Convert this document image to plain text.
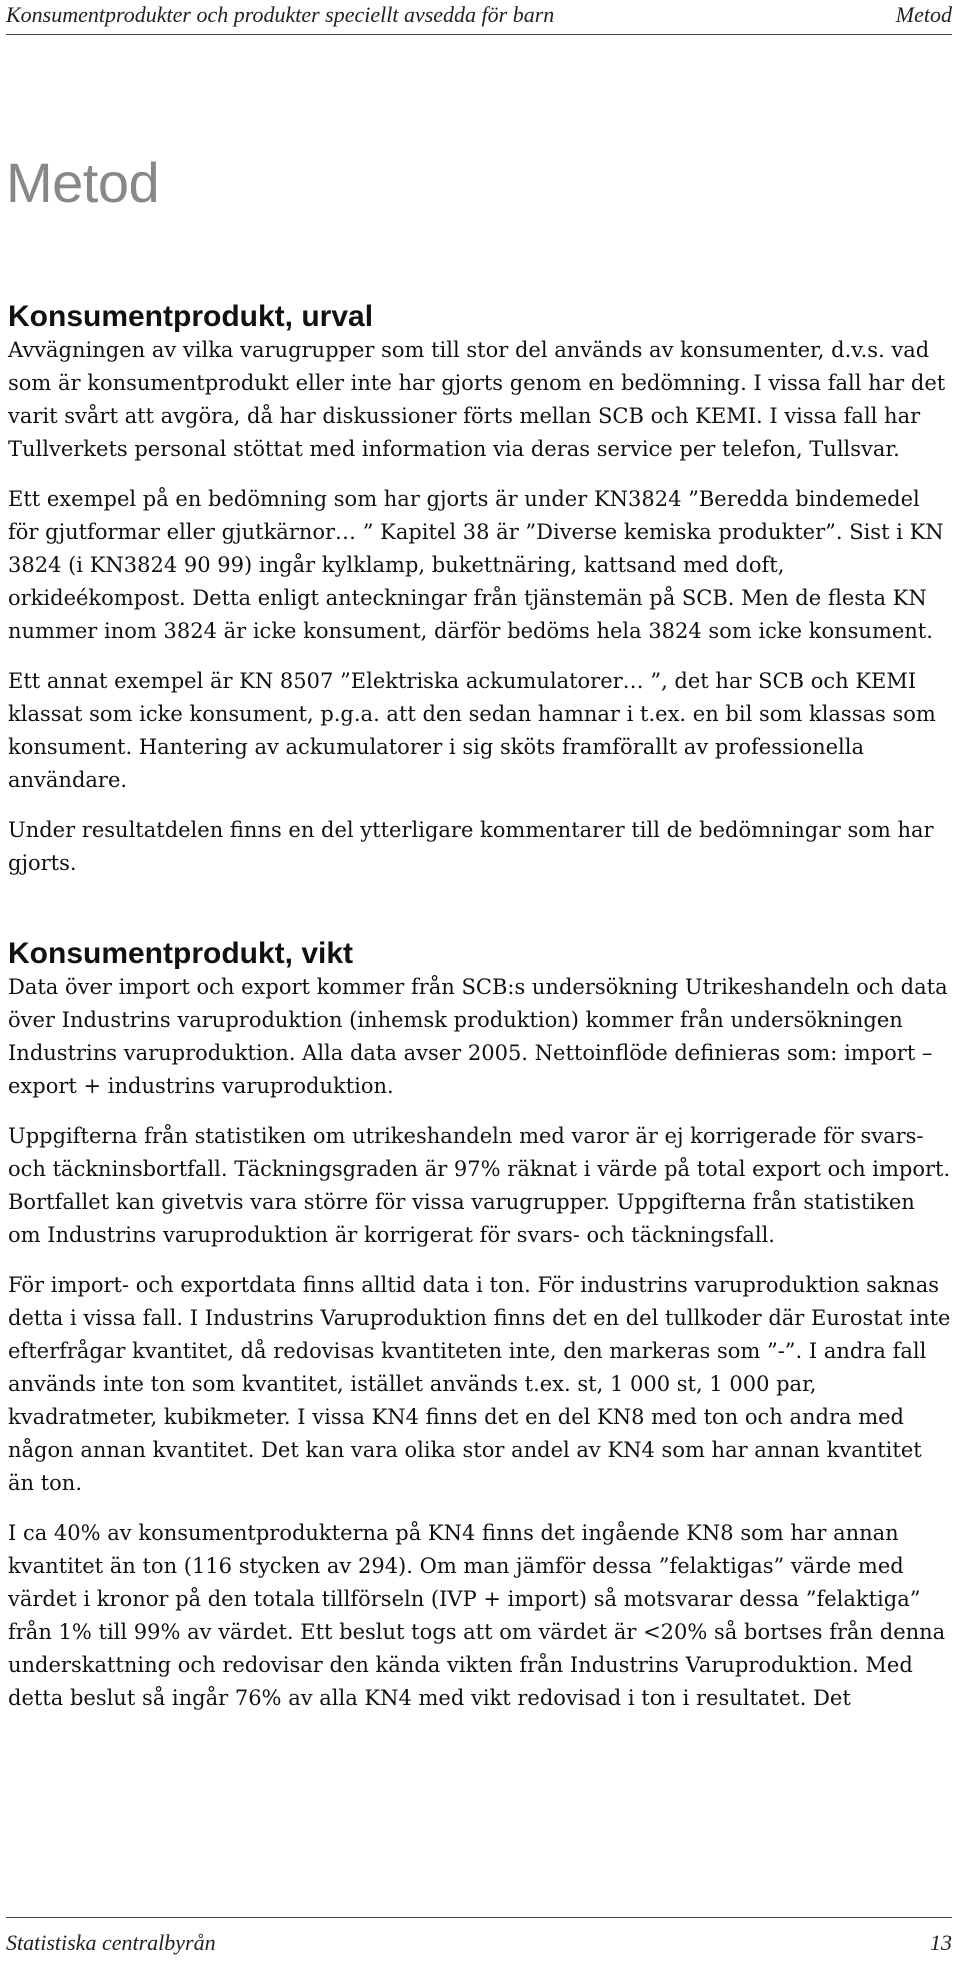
Konsumentprodukter och produkter speciellt avsedda för barn	Metod
Metod
Konsumentprodukt, urval

Avvägningen av vilka varugrupper som till stor del används av konsumenter, d.v.s. vad som är konsumentprodukt eller inte har gjorts genom en bedömning. I vissa fall har det varit svårt att avgöra, då har diskussioner förts mellan SCB och KEMI. I vissa fall har Tullverkets personal stöttat med information via deras service per telefon, Tullsvar.

Ett exempel på en bedömning som har gjorts är under KN3824 ”Beredda bindemedel för gjutformar eller gjutkärnor… ” Kapitel 38 är ”Diverse kemiska produkter”. Sist i KN 3824 (i KN3824 90 99) ingår kylklamp, bukettnäring, kattsand med doft, orkideékompost. Detta enligt anteckningar från tjänstemän på SCB. Men de flesta KN nummer inom 3824 är icke konsument, därför bedöms hela 3824 som icke konsument.

Ett annat exempel är KN 8507 ”Elektriska ackumulatorer… ”, det har SCB och KEMI klassat som icke konsument, p.g.a. att den sedan hamnar i t.ex. en bil som klassas som konsument. Hantering av ackumulatorer i sig sköts framförallt av professionella användare.

Under resultatdelen finns en del ytterligare kommentarer till de bedömningar som har gjorts.

Konsumentprodukt, vikt

Data över import och export kommer från SCB:s undersökning Utrikeshandeln och data över Industrins varuproduktion (inhemsk produktion) kommer från undersökningen Industrins varuproduktion. Alla data avser 2005. Nettoinflöde definieras som: import – export + industrins varuproduktion.

Uppgifterna från statistiken om utrikeshandeln med varor är ej korrigerade för svars- och täckninsbortfall. Täckningsgraden är 97% räknat i värde på total export och import. Bortfallet kan givetvis vara större för vissa varugrupper. Uppgifterna från statistiken om Industrins varuproduktion är korrigerat för svars- och täckningsfall.

För import- och exportdata finns alltid data i ton. För industrins varuproduktion saknas detta i vissa fall. I Industrins Varuproduktion finns det en del tullkoder där Eurostat inte efterfrågar kvantitet, då redovisas kvantiteten inte, den markeras som ”-”. I andra fall används inte ton som kvantitet, istället används t.ex. st, 1 000 st, 1 000 par, kvadratmeter, kubikmeter. I vissa KN4 finns det en del KN8 med ton och andra med någon annan kvantitet. Det kan vara olika stor andel av KN4 som har annan kvantitet än ton.

I ca 40% av konsumentprodukterna på KN4 finns det ingående KN8 som har annan kvantitet än ton (116 stycken av 294). Om man jämför dessa ”felaktigas” värde med värdet i kronor på den totala tillförseln (IVP + import) så motsvarar dessa ”felaktiga” från 1% till 99% av värdet. Ett beslut togs att om värdet är <20% så bortses från denna underskattning och redovisar den kända vikten från Industrins Varuproduktion. Med detta beslut så ingår 76% av alla KN4 med vikt redovisad i ton i resultatet. Det

Statistiska centralbyrån	13
